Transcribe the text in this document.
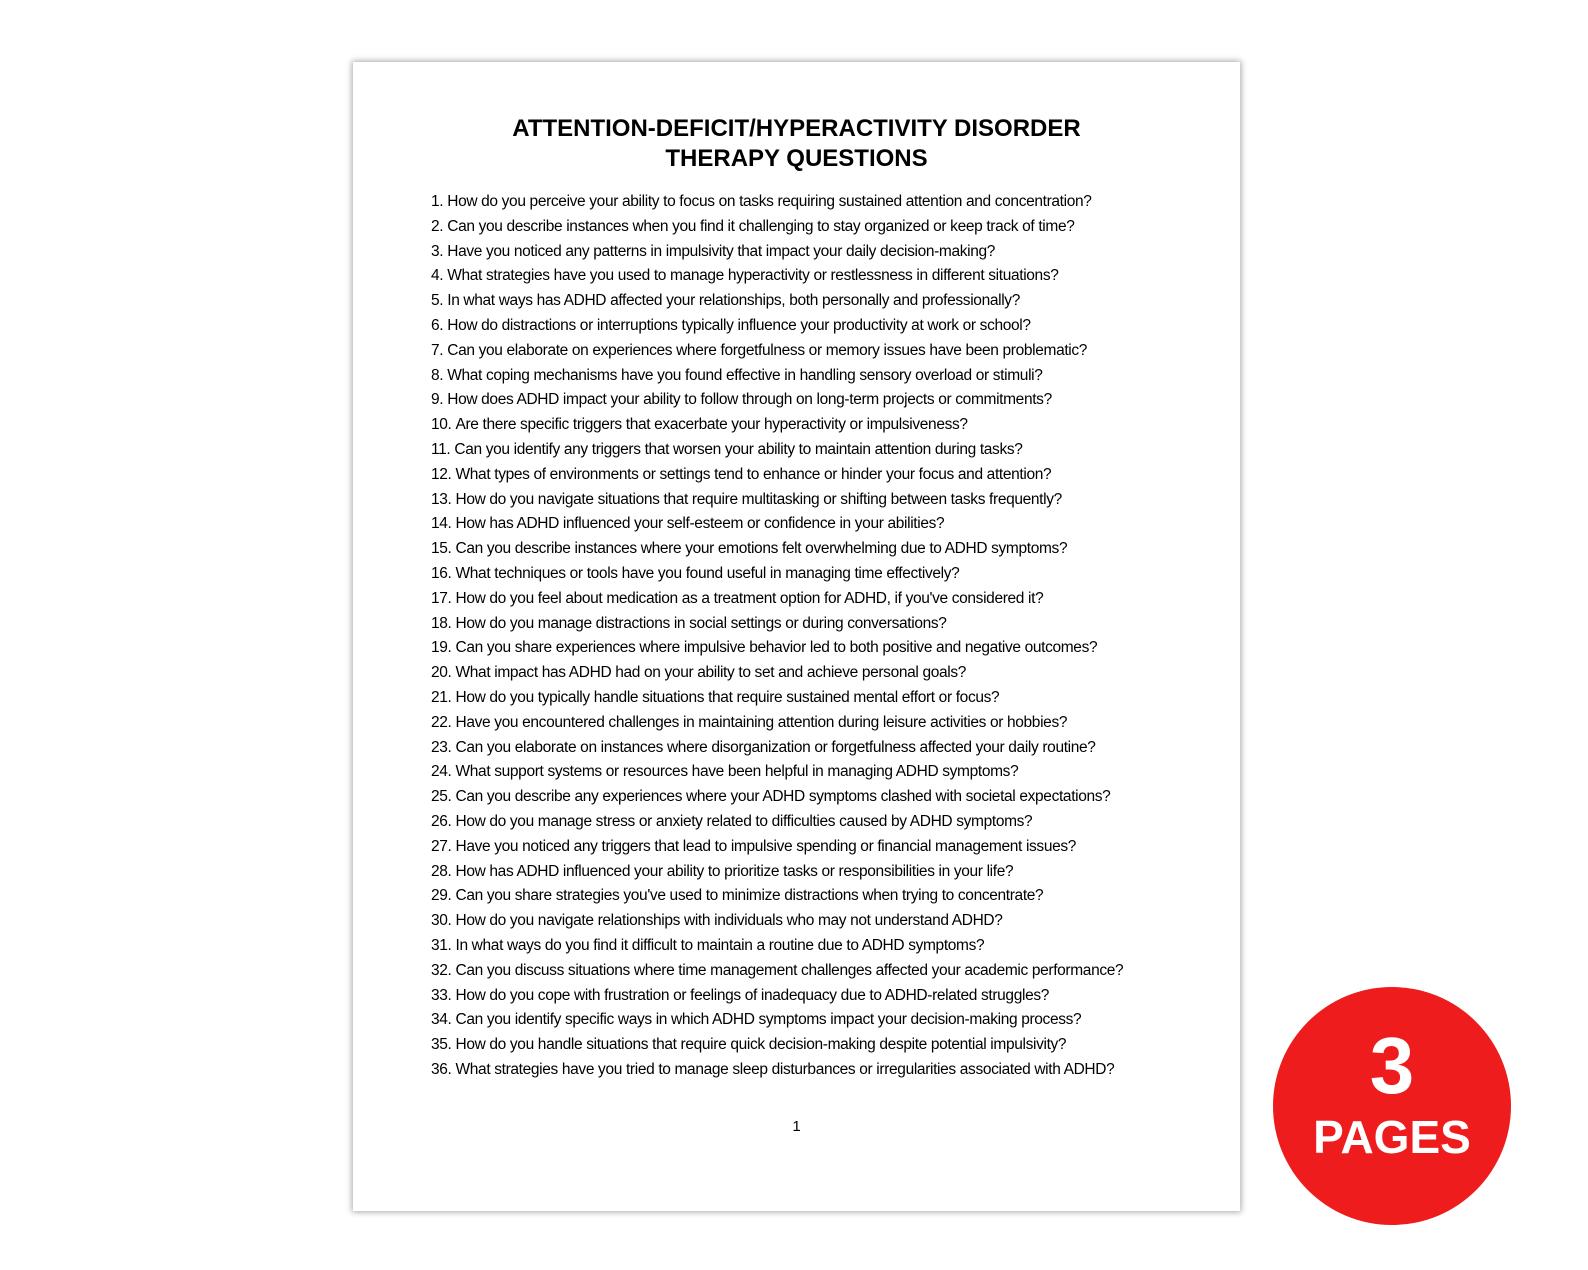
ATTENTION-DEFICIT/HYPERACTIVITY DISORDER
THERAPY QUESTIONS
1. How do you perceive your ability to focus on tasks requiring sustained attention and concentration?
2. Can you describe instances when you find it challenging to stay organized or keep track of time?
3. Have you noticed any patterns in impulsivity that impact your daily decision-making?
4. What strategies have you used to manage hyperactivity or restlessness in different situations?
5. In what ways has ADHD affected your relationships, both personally and professionally?
6. How do distractions or interruptions typically influence your productivity at work or school?
7. Can you elaborate on experiences where forgetfulness or memory issues have been problematic?
8. What coping mechanisms have you found effective in handling sensory overload or stimuli?
9. How does ADHD impact your ability to follow through on long-term projects or commitments?
10. Are there specific triggers that exacerbate your hyperactivity or impulsiveness?
11. Can you identify any triggers that worsen your ability to maintain attention during tasks?
12. What types of environments or settings tend to enhance or hinder your focus and attention?
13. How do you navigate situations that require multitasking or shifting between tasks frequently?
14. How has ADHD influenced your self-esteem or confidence in your abilities?
15. Can you describe instances where your emotions felt overwhelming due to ADHD symptoms?
16. What techniques or tools have you found useful in managing time effectively?
17. How do you feel about medication as a treatment option for ADHD, if you've considered it?
18. How do you manage distractions in social settings or during conversations?
19. Can you share experiences where impulsive behavior led to both positive and negative outcomes?
20. What impact has ADHD had on your ability to set and achieve personal goals?
21. How do you typically handle situations that require sustained mental effort or focus?
22. Have you encountered challenges in maintaining attention during leisure activities or hobbies?
23. Can you elaborate on instances where disorganization or forgetfulness affected your daily routine?
24. What support systems or resources have been helpful in managing ADHD symptoms?
25. Can you describe any experiences where your ADHD symptoms clashed with societal expectations?
26. How do you manage stress or anxiety related to difficulties caused by ADHD symptoms?
27. Have you noticed any triggers that lead to impulsive spending or financial management issues?
28. How has ADHD influenced your ability to prioritize tasks or responsibilities in your life?
29. Can you share strategies you've used to minimize distractions when trying to concentrate?
30. How do you navigate relationships with individuals who may not understand ADHD?
31. In what ways do you find it difficult to maintain a routine due to ADHD symptoms?
32. Can you discuss situations where time management challenges affected your academic performance?
33. How do you cope with frustration or feelings of inadequacy due to ADHD-related struggles?
34. Can you identify specific ways in which ADHD symptoms impact your decision-making process?
35. How do you handle situations that require quick decision-making despite potential impulsivity?
36. What strategies have you tried to manage sleep disturbances or irregularities associated with ADHD?
1
3
PAGES
